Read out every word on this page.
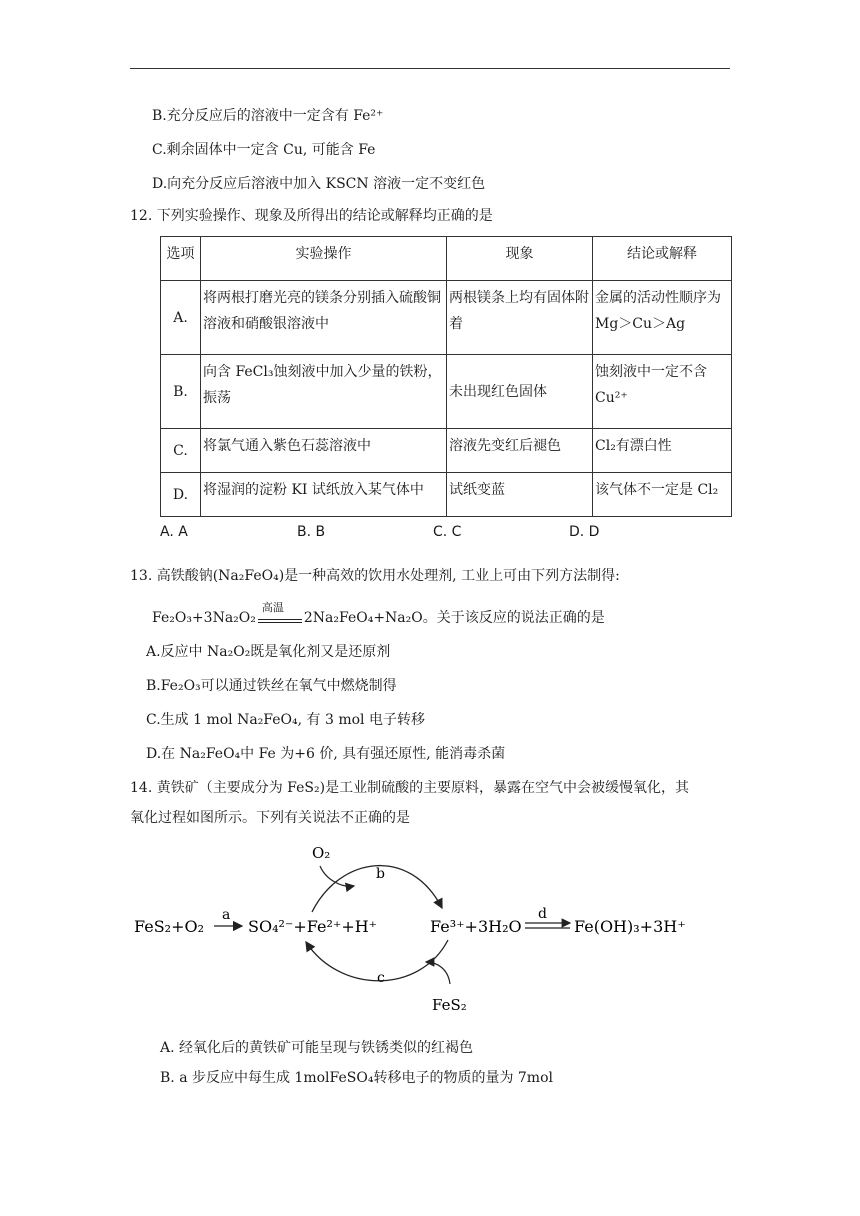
B.充分反应后的溶液中一定含有 Fe²⁺
C.剩余固体中一定含 Cu, 可能含 Fe
D.向充分反应后溶液中加入 KSCN 溶液一定不变红色
12. 下列实验操作、现象及所得出的结论或解释均正确的是
选项	实验操作	现象	结论或解释
A.	将两根打磨光亮的镁条分别插入硫酸铜溶液和硝酸银溶液中	两根镁条上均有固体附着	金属的活动性顺序为Mg＞Cu＞Ag
B.	向含 FeCl₃蚀刻液中加入少量的铁粉，振荡	未出现红色固体	蚀刻液中一定不含Cu²⁺
C.	将氯气通入紫色石蕊溶液中	溶液先变红后褪色	Cl₂有漂白性
D.	将湿润的淀粉 KI 试纸放入某气体中	试纸变蓝	该气体不一定是 Cl₂
A. A	B. B	C. C	D. D
13. 高铁酸钠(Na₂FeO₄)是一种高效的饮用水处理剂, 工业上可由下列方法制得:
Fe₂O₃+3Na₂O₂
高温
2Na₂FeO₄+Na₂O。关于该反应的说法正确的是
A.反应中 Na₂O₂既是氧化剂又是还原剂
B.Fe₂O₃可以通过铁丝在氧气中燃烧制得
C.生成 1 mol Na₂FeO₄, 有 3 mol 电子转移
D.在 Na₂FeO₄中 Fe 为+6 价, 具有强还原性, 能消毒杀菌
14. 黄铁矿（主要成分为 FeS₂)是工业制硫酸的主要原料，暴露在空气中会被缓慢氧化，其
氧化过程如图所示。下列有关说法不正确的是
FeS₂+O₂
a
SO₄²⁻+Fe²⁺+H⁺
b
O₂
Fe³⁺+3H₂O
d
Fe(OH)₃+3H⁺
c
FeS₂
A. 经氧化后的黄铁矿可能呈现与铁锈类似的红褐色
B. a 步反应中每生成 1molFeSO₄转移电子的物质的量为 7mol
